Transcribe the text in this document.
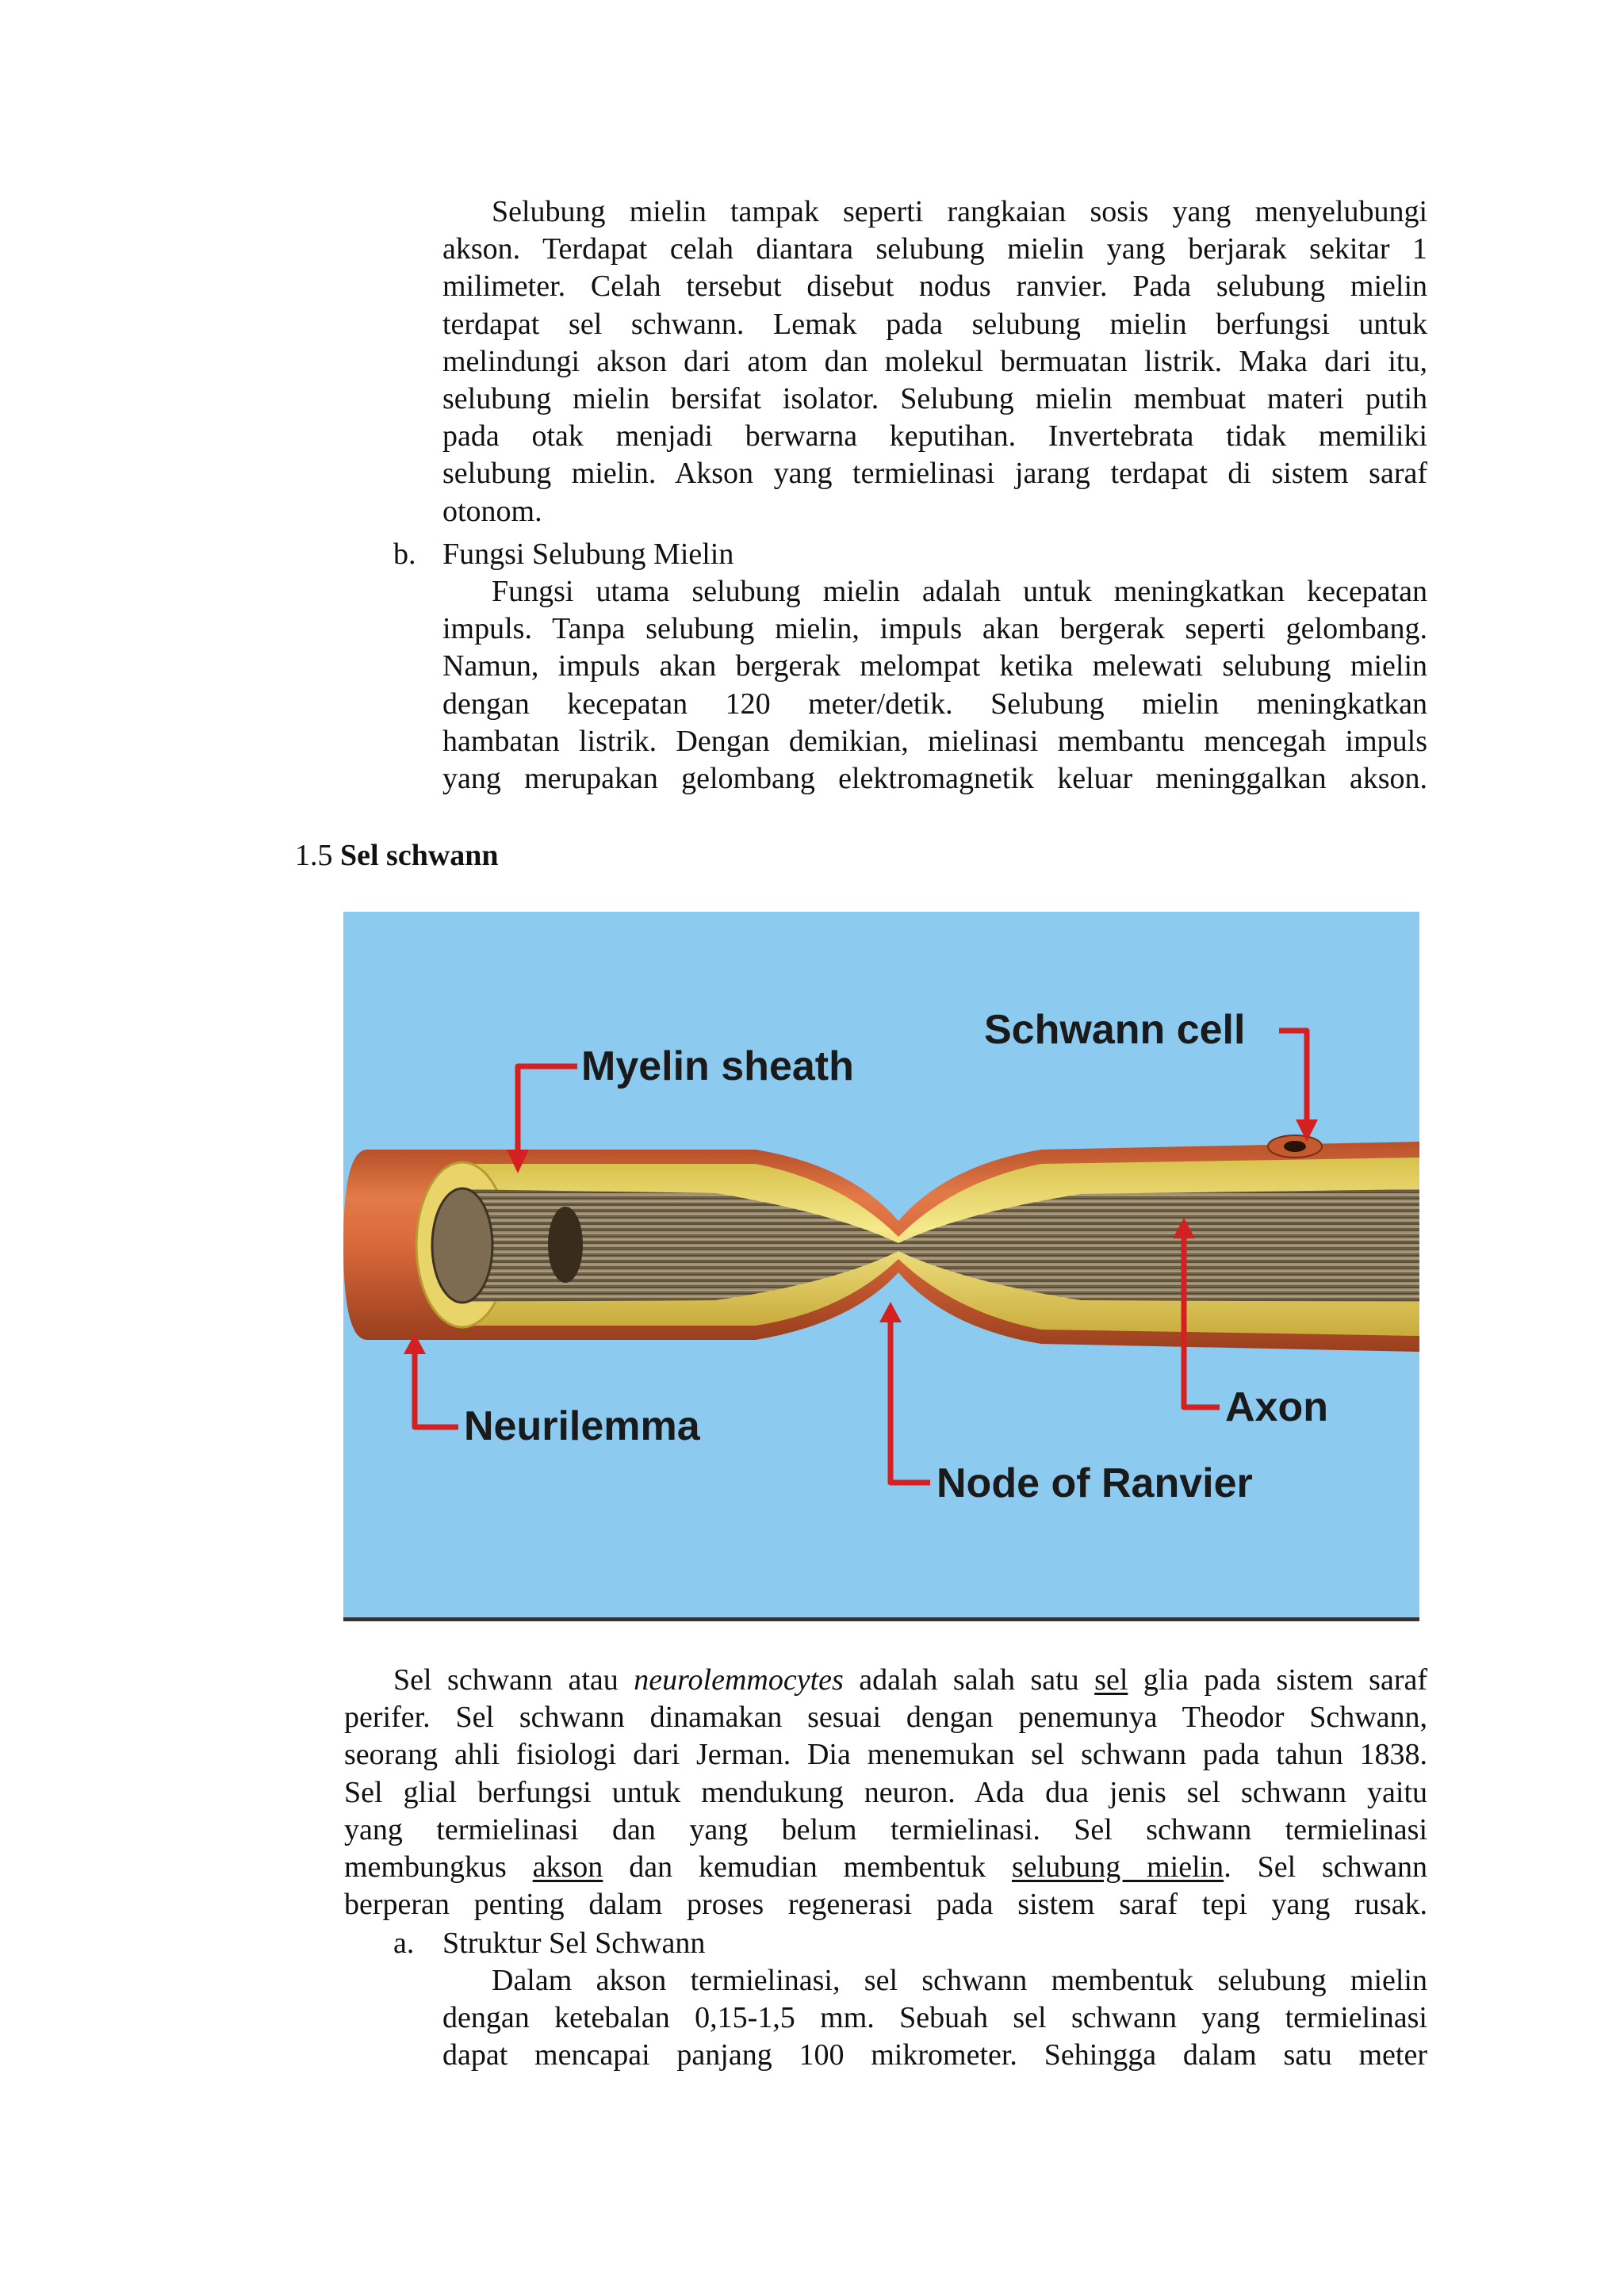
Selubung mielin tampak seperti rangkaian sosis yang menyelubungi
akson. Terdapat celah diantara selubung mielin yang berjarak sekitar 1
milimeter. Celah tersebut disebut nodus ranvier. Pada selubung mielin
terdapat sel schwann. Lemak pada selubung mielin berfungsi untuk
melindungi akson dari atom dan molekul bermuatan listrik. Maka dari itu,
selubung mielin bersifat isolator. Selubung mielin membuat materi putih
pada otak menjadi berwarna keputihan. Invertebrata tidak memiliki
selubung mielin. Akson yang termielinasi jarang terdapat di sistem saraf
otonom.
b. Fungsi Selubung Mielin
Fungsi utama selubung mielin adalah untuk meningkatkan kecepatan
impuls. Tanpa selubung mielin, impuls akan bergerak seperti gelombang.
Namun, impuls akan bergerak melompat ketika melewati selubung mielin
dengan kecepatan 120 meter/detik. Selubung mielin meningkatkan
hambatan listrik. Dengan demikian, mielinasi membantu mencegah impuls
yang merupakan gelombang elektromagnetik keluar meninggalkan akson.
1.5 Sel schwann
Myelin sheath
Schwann cell
Neurilemma	Axon
Node of Ranvier
Sel schwann atau neurolemmocytes adalah salah satu sel glia pada sistem saraf
perifer. Sel schwann dinamakan sesuai dengan penemunya Theodor Schwann,
seorang ahli fisiologi dari Jerman. Dia menemukan sel schwann pada tahun 1838.
Sel glial berfungsi untuk mendukung neuron. Ada dua jenis sel schwann yaitu
yang termielinasi dan yang belum termielinasi. Sel schwann termielinasi
membungkus akson dan kemudian membentuk selubung mielin. Sel schwann
berperan penting dalam proses regenerasi pada sistem saraf tepi yang rusak.
a. Struktur Sel Schwann
Dalam akson termielinasi, sel schwann membentuk selubung mielin
dengan ketebalan 0,15-1,5 mm. Sebuah sel schwann yang termielinasi
dapat mencapai panjang 100 mikrometer. Sehingga dalam satu meter
